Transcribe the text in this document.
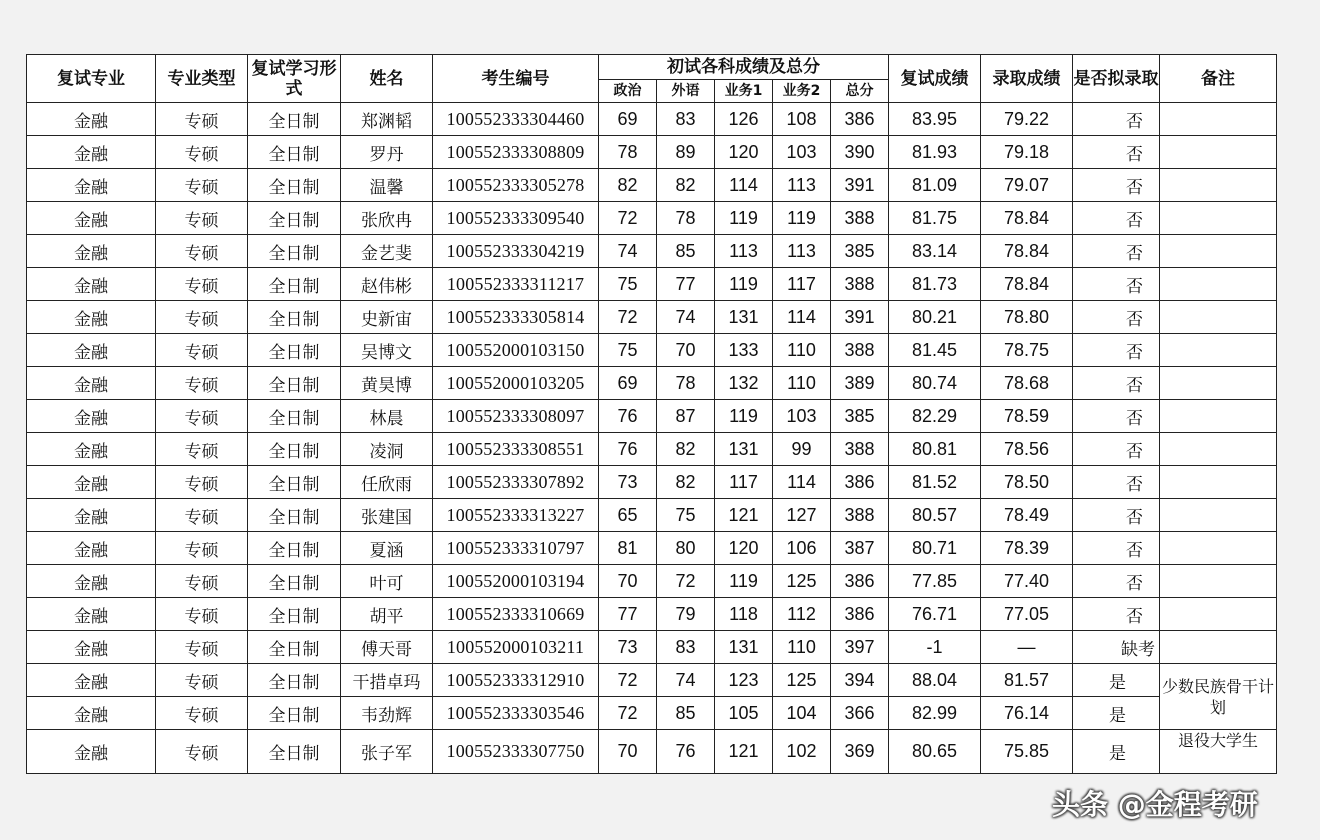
复试专业	专业类型	复试学习形式	姓名	考生编号	初试各科成绩及总分					复试成绩	录取成绩	是否拟录取	备注
					政治	外语	业务1	业务2	总分				
金融	专硕	全日制	郑渊韬	100552333304460	69	83	126	108	386	83.95	79.22	否	
金融	专硕	全日制	罗丹	100552333308809	78	89	120	103	390	81.93	79.18	否	
金融	专硕	全日制	温馨	100552333305278	82	82	114	113	391	81.09	79.07	否	
金融	专硕	全日制	张欣冉	100552333309540	72	78	119	119	388	81.75	78.84	否	
金融	专硕	全日制	金艺斐	100552333304219	74	85	113	113	385	83.14	78.84	否	
金融	专硕	全日制	赵伟彬	100552333311217	75	77	119	117	388	81.73	78.84	否	
金融	专硕	全日制	史新宙	100552333305814	72	74	131	114	391	80.21	78.80	否	
金融	专硕	全日制	吴博文	100552000103150	75	70	133	110	388	81.45	78.75	否	
金融	专硕	全日制	黄昊博	100552000103205	69	78	132	110	389	80.74	78.68	否	
金融	专硕	全日制	林晨	100552333308097	76	87	119	103	385	82.29	78.59	否	
金融	专硕	全日制	凌洞	100552333308551	76	82	131	99	388	80.81	78.56	否	
金融	专硕	全日制	任欣雨	100552333307892	73	82	117	114	386	81.52	78.50	否	
金融	专硕	全日制	张建国	100552333313227	65	75	121	127	388	80.57	78.49	否	
金融	专硕	全日制	夏涵	100552333310797	81	80	120	106	387	80.71	78.39	否	
金融	专硕	全日制	叶可	100552000103194	70	72	119	125	386	77.85	77.40	否	
金融	专硕	全日制	胡平	100552333310669	77	79	118	112	386	76.71	77.05	否	
金融	专硕	全日制	傅天哥	100552000103211	73	83	131	110	397	-1	—	缺考	
金融	专硕	全日制	干措卓玛	100552333312910	72	74	123	125	394	88.04	81.57	是	少数民族骨干计划
金融	专硕	全日制	韦劲辉	100552333303546	72	85	105	104	366	82.99	76.14	是	
金融	专硕	全日制	张子军	100552333307750	70	76	121	102	369	80.65	75.85	是	退役大学生
头条 @金程考研
